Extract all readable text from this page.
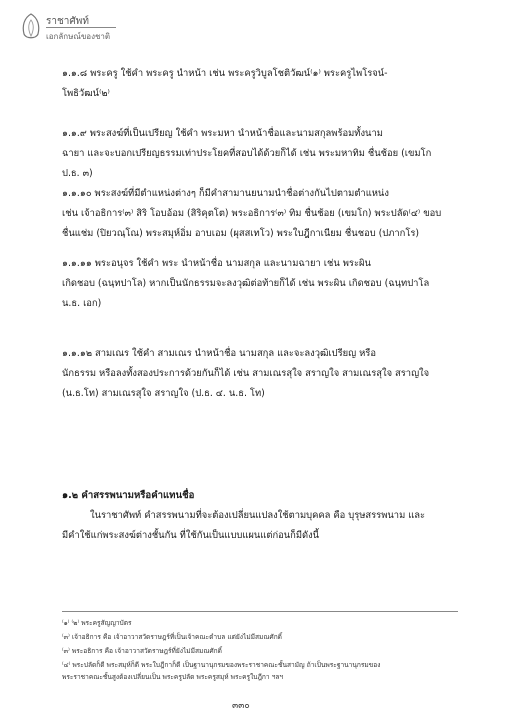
ราชาศัพท์
เอกลักษณ์ของชาติ
๑.๑.๘ พระครู ใช้คำ พระครู นำหน้า เช่น พระครูวิบูลโชติวัฒน์⁽๑⁾ พระครูไพโรจน์-
โพธิวัฒน์⁽๒⁾
๑.๑.๙ พระสงฆ์ที่เป็นเปรียญ ใช้คำ พระมหา นำหน้าชื่อและนามสกุลพร้อมทั้งนาม
ฉายา และจะบอกเปรียญธรรมเท่าประโยคที่สอบได้ด้วยก็ได้ เช่น พระมหาทิม ชื่นช้อย (เขมโก
ป.ธ. ๓)
๑.๑.๑๐ พระสงฆ์ที่มีตำแหน่งต่างๆ ก็มีคำสามานยนามนำชื่อต่างกันไปตามตำแหน่ง
เช่น เจ้าอธิการ⁽๓⁾ สิริ โอบอ้อม (สิริคุตโต) พระอธิการ⁽๓⁾ ทิม ชื่นช้อย (เขมโก) พระปลัด⁽๔⁾ ขอบ
ชื่นแช่ม (ปิยวณฺโณ) พระสมุห์อิ่ม อาบเอม (ผุสสเทโว) พระใบฎีกาเนียม ชื่นชอบ (ปภากโร)
๑.๑.๑๑ พระอนุจร ใช้คำ พระ นำหน้าชื่อ นามสกุล และนามฉายา เช่น พระผิน
เกิดชอบ (ฉนฺทปาโล) หากเป็นนักธรรมจะลงวุฒิต่อท้ายก็ได้ เช่น พระผิน เกิดชอบ (ฉนฺทปาโล
น.ธ. เอก)
๑.๑.๑๒ สามเณร ใช้คำ สามเณร นำหน้าชื่อ นามสกุล และจะลงวุฒิเปรียญ หรือ
นักธรรม หรือลงทั้งสองประการด้วยกันก็ได้ เช่น สามเณรสุใจ สราญใจ สามเณรสุใจ สราญใจ
(น.ธ.โท) สามเณรสุใจ สราญใจ (ป.ธ. ๔. น.ธ. โท)
๑.๒ คำสรรพนามหรือคำแทนชื่อ
ในราชาศัพท์ คำสรรพนามที่จะต้องเปลี่ยนแปลงใช้ตามบุคคล คือ บุรุษสรรพนาม และ
มีคำใช้แก่พระสงฆ์ต่างชั้นกัน ที่ใช้กันเป็นแบบแผนแต่ก่อนก็มีดังนี้
⁽๑⁾ ⁽๒⁾ พระครูสัญญาบัตร
⁽๓⁾ เจ้าอธิการ คือ เจ้าอาวาสวัดราษฎร์ที่เป็นเจ้าคณะตำบล แต่ยังไม่มีสมณศักดิ์
⁽๓⁾ พระอธิการ คือ เจ้าอาวาสวัดราษฎร์ที่ยังไม่มีสมณศักดิ์
⁽๔⁾ พระปลัดก็ดี พระสมุห์ก็ดี พระใบฎีกาก็ดี เป็นฐานานุกรมของพระราชาคณะชั้นสามัญ ถ้าเป็นพระฐานานุกรมของ
พระราชาคณะชั้นสูงต้องเปลี่ยนเป็น พระครูปลัด พระครูสมุห์ พระครูใบฎีกา ฯลฯ
๓๓๐
